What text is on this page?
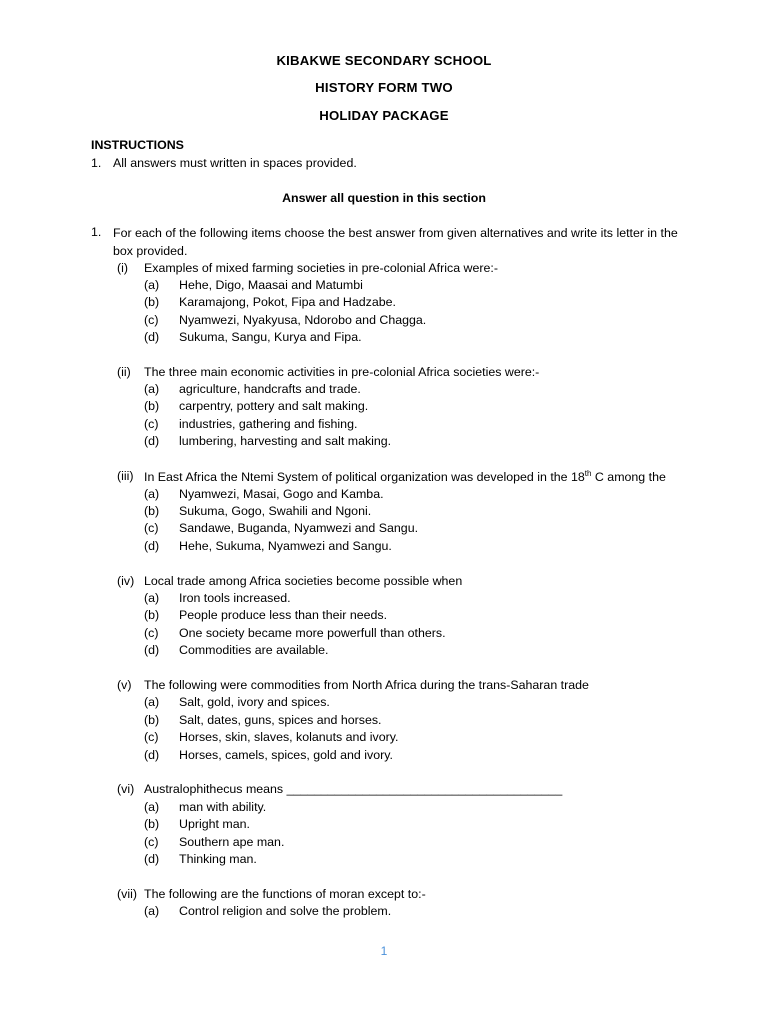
KIBAKWE SECONDARY SCHOOL
HISTORY FORM TWO
HOLIDAY PACKAGE
INSTRUCTIONS
1. All answers must written in spaces provided.
Answer all question in this section
1. For each of the following items choose the best answer from given alternatives and write its letter in the box provided.
(i) Examples of mixed farming societies in pre-colonial Africa were:-
(a) Hehe, Digo, Maasai and Matumbi
(b) Karamajong, Pokot, Fipa and Hadzabe.
(c) Nyamwezi, Nyakyusa, Ndorobo and Chagga.
(d) Sukuma, Sangu, Kurya and Fipa.
(ii) The three main economic activities in pre-colonial Africa societies were:-
(a) agriculture, handcrafts and trade.
(b) carpentry, pottery and salt making.
(c) industries, gathering and fishing.
(d) lumbering, harvesting and salt making.
(iii) In East Africa the Ntemi System of political organization was developed in the 18th C among the
(a) Nyamwezi, Masai, Gogo and Kamba.
(b) Sukuma, Gogo, Swahili and Ngoni.
(c) Sandawe, Buganda, Nyamwezi and Sangu.
(d) Hehe, Sukuma, Nyamwezi and Sangu.
(iv) Local trade among Africa societies become possible when
(a) Iron tools increased.
(b) People produce less than their needs.
(c) One society became more powerfull than others.
(d) Commodities are available.
(v) The following were commodities from North Africa during the trans-Saharan trade
(a) Salt, gold, ivory and spices.
(b) Salt, dates, guns, spices and horses.
(c) Horses, skin, slaves, kolanuts and ivory.
(d) Horses, camels, spices, gold and ivory.
(vi) Australophithecus means ________________________________________
(a) man with ability.
(b) Upright man.
(c) Southern ape man.
(d) Thinking man.
(vii) The following are the functions of moran except to:-
(a) Control religion and solve the problem.
1
